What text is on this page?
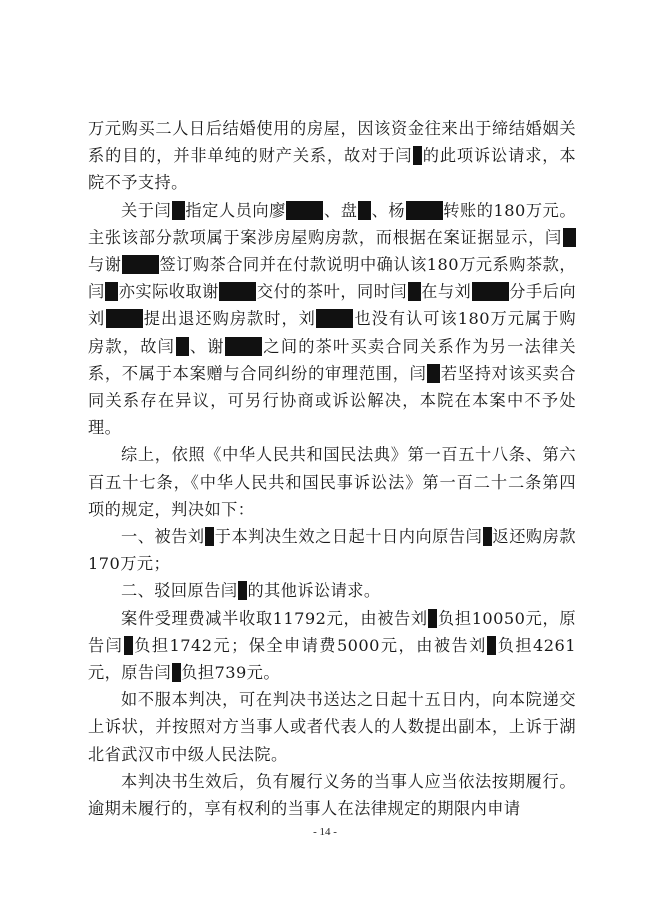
万元购买二人日后结婚使用的房屋，因该资金往来出于缔结婚姻关系的目的，并非单纯的财产关系，故对于闫 的此项诉讼请求，本院不予支持。

关于闫 指定人员向廖 、盘 、杨 转账的180万元。主张该部分款项属于案涉房屋购房款，而根据在案证据显示，闫与谢 签订购茶合同并在付款说明中确认该180万元系购茶款，闫 亦实际收取谢 交付的茶叶，同时闫 在与刘 分手后向刘 提出退还购房款时，刘 也没有认可该180万元属于购房款，故闫 、谢 之间的茶叶买卖合同关系作为另一法律关系，不属于本案赠与合同纠纷的审理范围，闫 若坚持对该买卖合同关系存在异议，可另行协商或诉讼解决，本院在本案中不予处理。

综上，依照《中华人民共和国民法典》第一百五十八条、第六百五十七条，《中华人民共和国民事诉讼法》第一百二十二条第四项的规定，判决如下：

一、被告刘 于本判决生效之日起十日内向原告闫 返还购房款170万元；

二、驳回原告闫 的其他诉讼请求。

案件受理费减半收取11792元，由被告刘 负担10050元，原告闫 负担1742元；保全申请费5000元，由被告刘 负担4261元，原告闫 负担739元。

如不服本判决，可在判决书送达之日起十五日内，向本院递交上诉状，并按照对方当事人或者代表人的人数提出副本，上诉于湖北省武汉市中级人民法院。

本判决书生效后，负有履行义务的当事人应当依法按期履行。逾期未履行的，享有权利的当事人在法律规定的期限内申请

- 14 -
